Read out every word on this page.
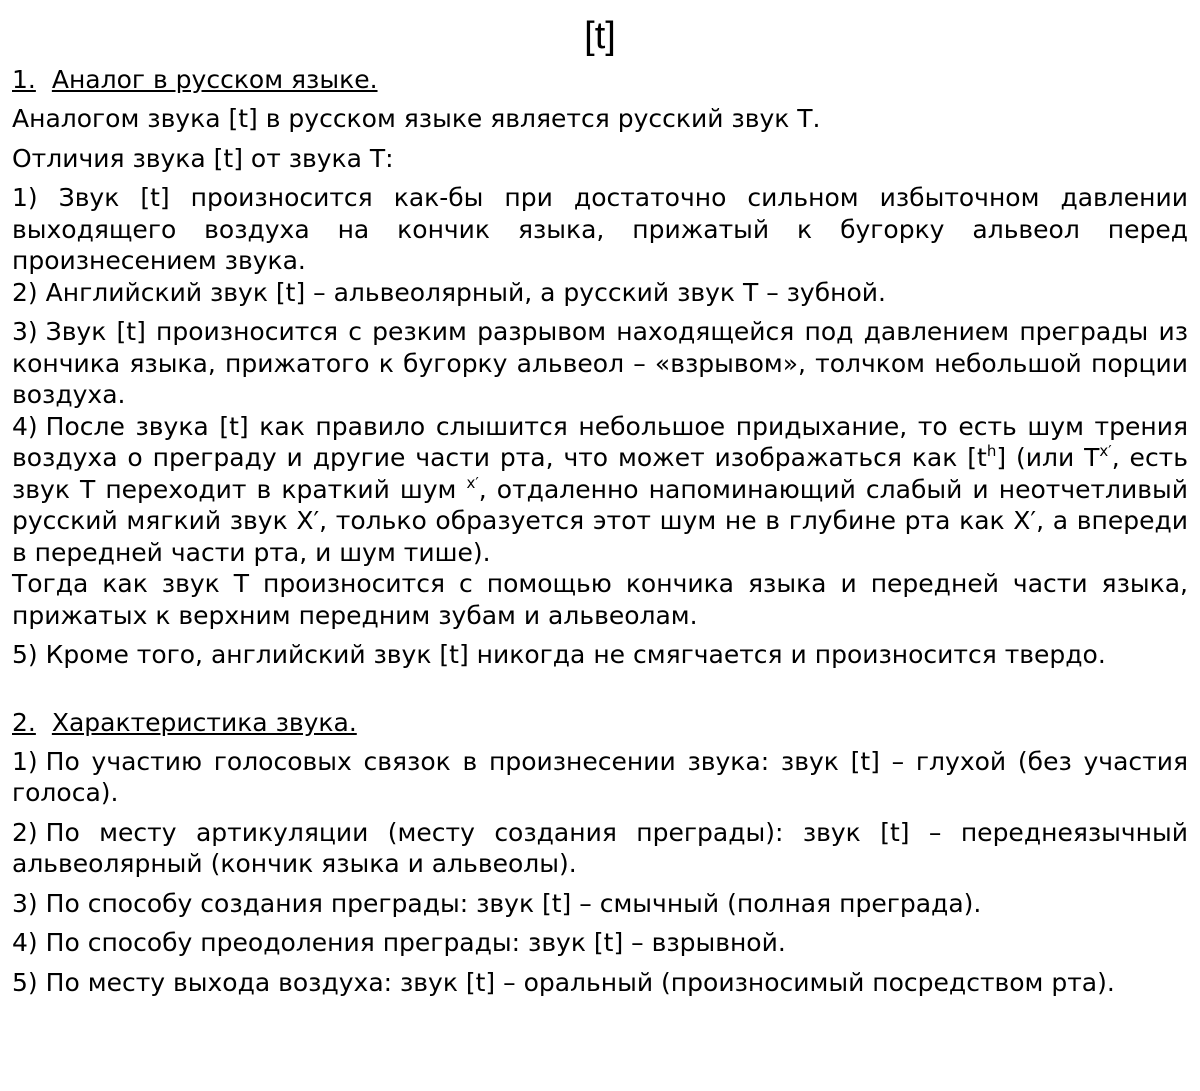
[t]
1. Аналог в русском языке.
Аналогом звука [t] в русском языке является русский звук Т.
Отличия звука [t] от звука Т:
1) Звук [t] произносится как-бы при достаточно сильном избыточном давлении выходящего воздуха на кончик языка, прижатый к бугорку альвеол перед произнесением звука.
2) Английский звук [t] – альвеолярный, а русский звук Т – зубной.
3) Звук [t] произносится с резким разрывом находящейся под давлением преграды из кончика языка, прижатого к бугорку альвеол – «взрывом», толчком небольшой порции воздуха.
4) После звука [t] как правило слышится небольшое придыхание, то есть шум трения воздуха о преграду и другие части рта, что может изображаться как $[t^h]$ (или $Т^{х'}$, есть звук Т переходит в краткий шум $^{х'}$, отдаленно напоминающий слабый и неотчетливый русский мягкий звук Х′, только образуется этот шум не в глубине рта как Х′, а впереди в передней части рта, и шум тише).
Тогда как звук Т произносится с помощью кончика языка и передней части языка, прижатых к верхним передним зубам и альвеолам.
5) Кроме того, английский звук [t] никогда не смягчается и произносится твердо.
2. Характеристика звука.
1) По участию голосовых связок в произнесении звука: звук [t] – глухой (без участия голоса).
2) По месту артикуляции (месту создания преграды): звук [t] – переднеязычный альвеолярный (кончик языка и альвеолы).
3) По способу создания преграды: звук [t] – смычный (полная преграда).
4) По способу преодоления преграды: звук [t] – взрывной.
5) По месту выхода воздуха: звук [t] – оральный (произносимый посредством рта).
